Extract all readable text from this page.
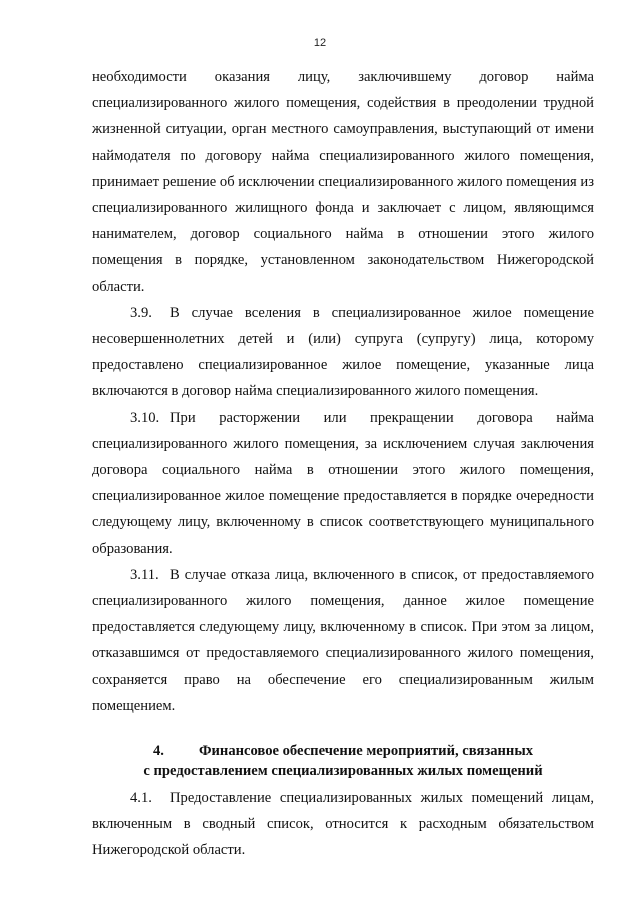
12

необходимости оказания лицу, заключившему договор найма специализированного жилого помещения, содействия в преодолении трудной жизненной ситуации, орган местного самоуправления, выступающий от имени наймодателя по договору найма специализированного жилого помещения, принимает решение об исключении специализированного жилого помещения из специализированного жилищного фонда и заключает с лицом, являющимся нанимателем, договор социального найма в отношении этого жилого помещения в порядке, установленном законодательством Нижегородской области.

3.9. В случае вселения в специализированное жилое помещение несовершеннолетних детей и (или) супруга (супругу) лица, которому предоставлено специализированное жилое помещение, указанные лица включаются в договор найма специализированного жилого помещения.

3.10. При расторжении или прекращении договора найма специализированного жилого помещения, за исключением случая заключения договора социального найма в отношении этого жилого помещения, специализированное жилое помещение предоставляется в порядке очередности следующему лицу, включенному в список соответствующего муниципального образования.

3.11. В случае отказа лица, включенного в список, от предоставляемого специализированного жилого помещения, данное жилое помещение предоставляется следующему лицу, включенному в список. При этом за лицом, отказавшимся от предоставляемого специализированного жилого помещения, сохраняется право на обеспечение его специализированным жилым помещением.

4. Финансовое обеспечение мероприятий, связанных
с предоставлением специализированных жилых помещений

4.1. Предоставление специализированных жилых помещений лицам, включенным в сводный список, относится к расходным обязательством Нижегородской области.
